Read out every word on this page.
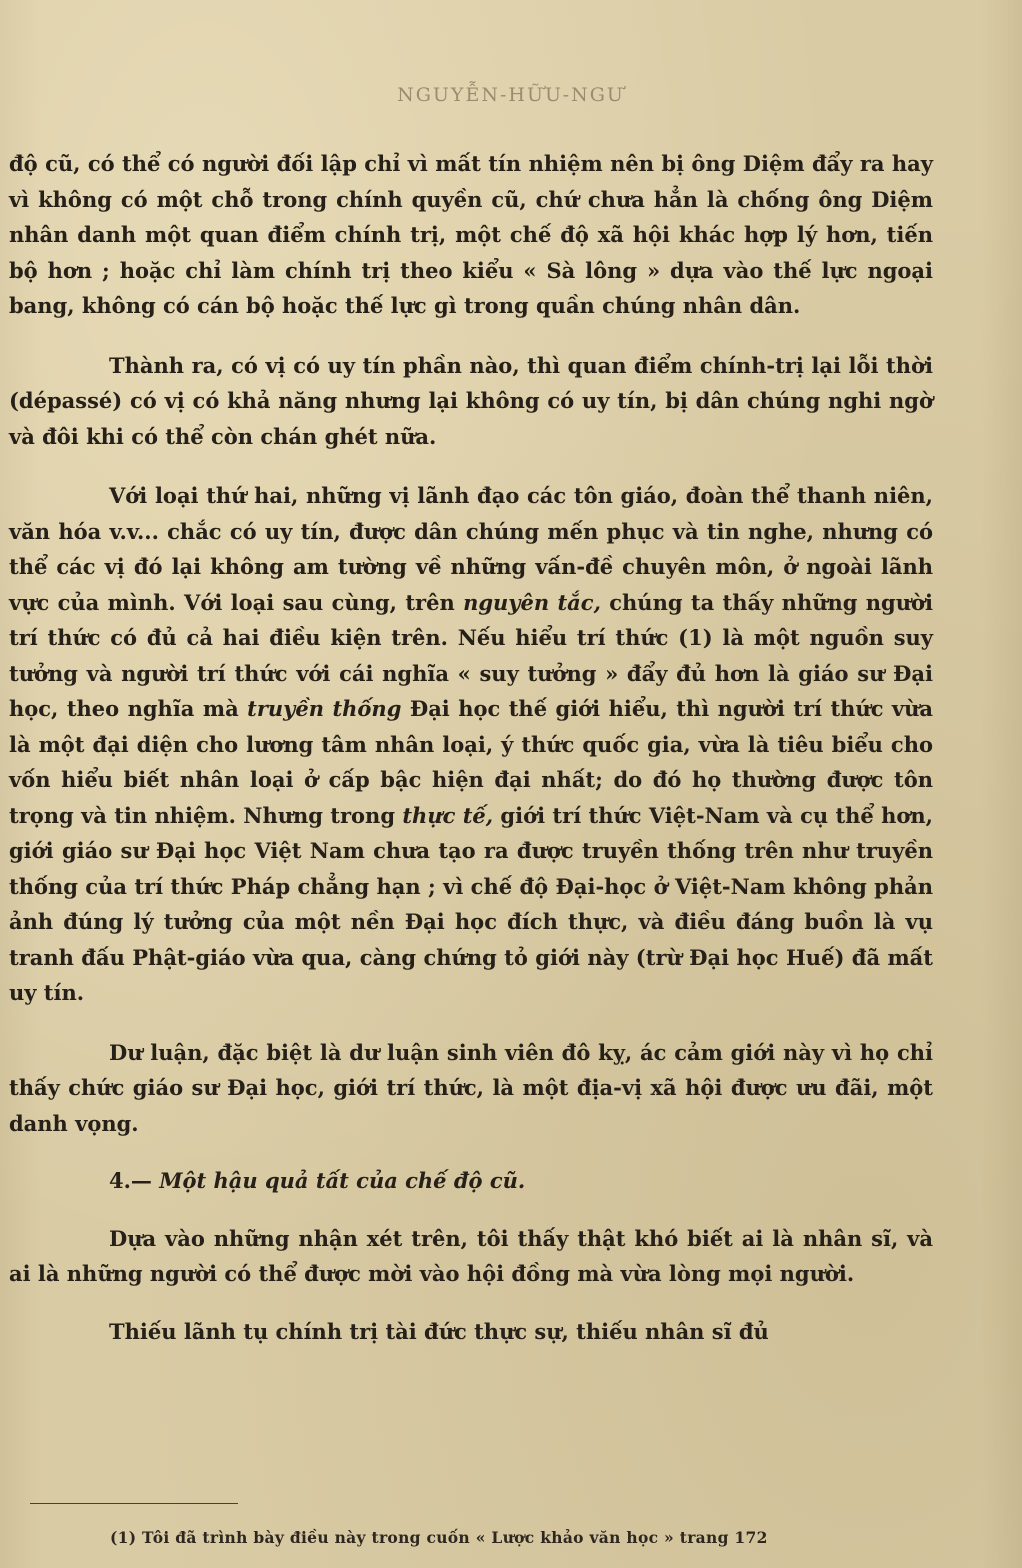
NGUYỄN-HỮU-NGƯ

độ cũ, có thể có người đối lập chỉ vì mất tín nhiệm nên bị ông Diệm đẩy ra hay vì không có một chỗ trong chính quyền cũ, chứ chưa hẳn là chống ông Diệm nhân danh một quan điểm chính trị, một chế độ xã hội khác hợp lý hơn, tiến bộ hơn ; hoặc chỉ làm chính trị theo kiểu « Sà lông » dựa vào thế lực ngoại bang, không có cán bộ hoặc thế lực gì trong quần chúng nhân dân.

Thành ra, có vị có uy tín phần nào, thì quan điểm chính-trị lại lỗi thời (dépassé) có vị có khả năng nhưng lại không có uy tín, bị dân chúng nghi ngờ và đôi khi có thể còn chán ghét nữa.

Với loại thứ hai, những vị lãnh đạo các tôn giáo, đoàn thể thanh niên, văn hóa v.v... chắc có uy tín, được dân chúng mến phục và tin nghe, nhưng có thể các vị đó lại không am tường về những vấn-đề chuyên môn, ở ngoài lãnh vực của mình. Với loại sau cùng, trên nguyên tắc, chúng ta thấy những người trí thức có đủ cả hai điều kiện trên. Nếu hiểu trí thức (1) là một nguồn suy tưởng và người trí thức với cái nghĩa « suy tưởng » đẩy đủ hơn là giáo sư Đại học, theo nghĩa mà truyền thống Đại học thế giới hiểu, thì người trí thức vừa là một đại diện cho lương tâm nhân loại, ý thức quốc gia, vừa là tiêu biểu cho vốn hiểu biết nhân loại ở cấp bậc hiện đại nhất; do đó họ thường được tôn trọng và tin nhiệm. Nhưng trong thực tế, giới trí thức Việt-Nam và cụ thể hơn, giới giáo sư Đại học Việt Nam chưa tạo ra được truyền thống trên như truyền thống của trí thức Pháp chẳng hạn ; vì chế độ Đại-học ở Việt-Nam không phản ảnh đúng lý tưởng của một nền Đại học đích thực, và điều đáng buồn là vụ tranh đấu Phật-giáo vừa qua, càng chứng tỏ giới này (trừ Đại học Huế) đã mất uy tín.

Dư luận, đặc biệt là dư luận sinh viên đô kỵ, ác cảm giới này vì họ chỉ thấy chức giáo sư Đại học, giới trí thức, là một địa-vị xã hội được ưu đãi, một danh vọng.

4.— Một hậu quả tất của chế độ cũ.

Dựa vào những nhận xét trên, tôi thấy thật khó biết ai là nhân sĩ, và ai là những người có thể được mời vào hội đồng mà vừa lòng mọi người.

Thiếu lãnh tụ chính trị tài đức thực sự, thiếu nhân sĩ đủ

(1) Tôi đã trình bày điều này trong cuốn « Lược khảo văn học » trang 172
